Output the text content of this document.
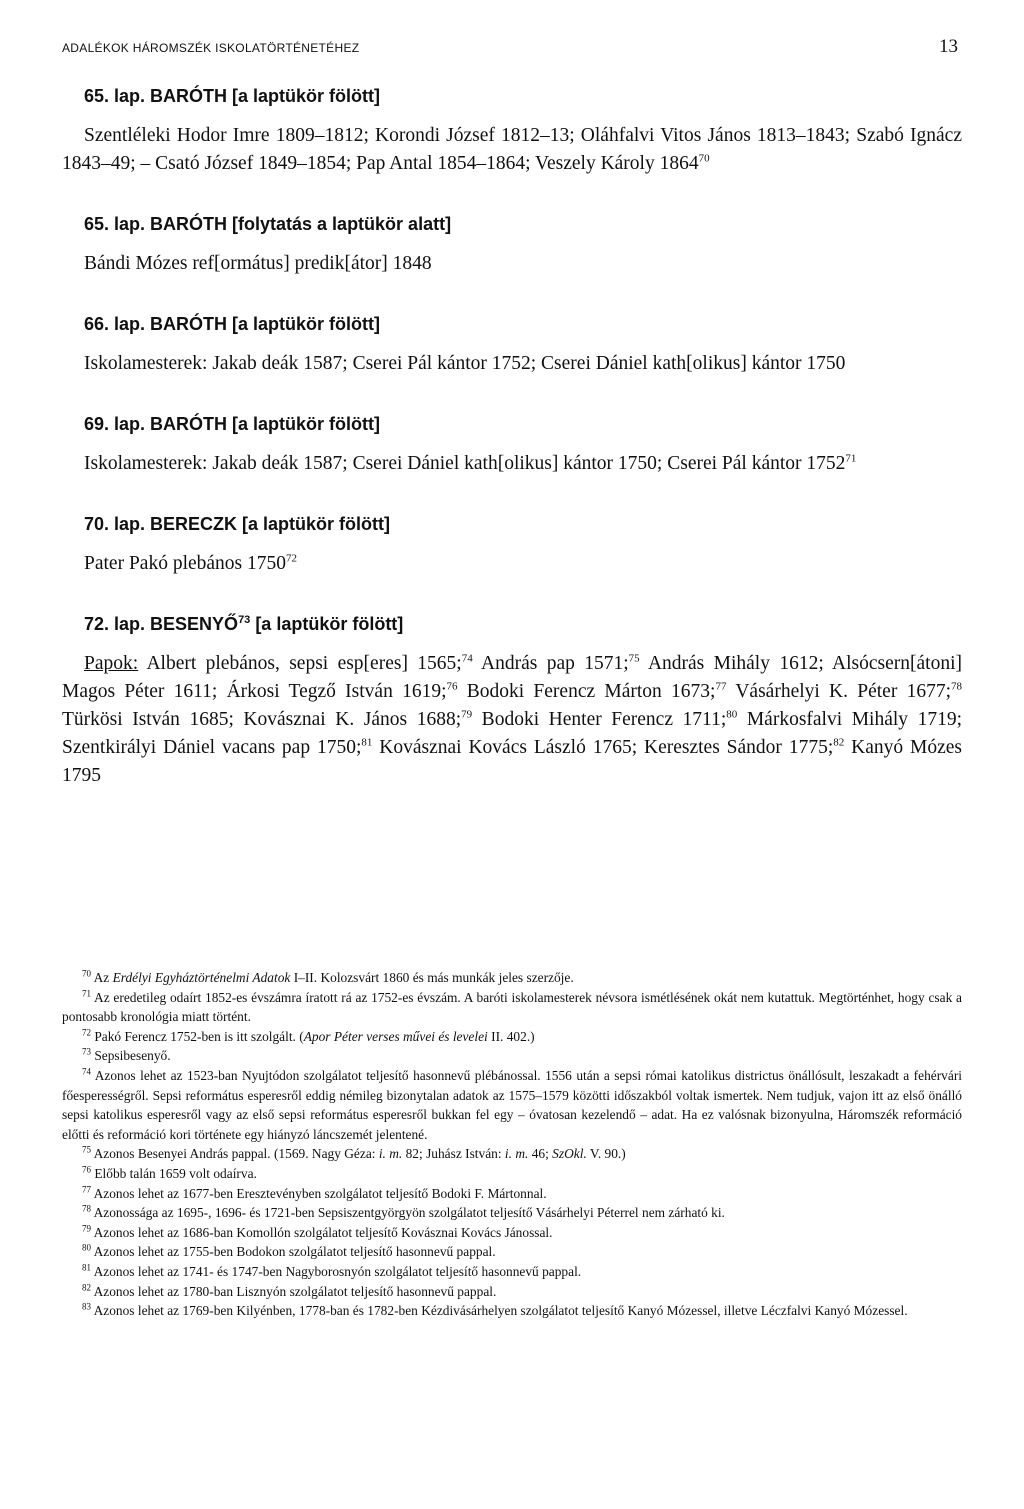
ADALÉKOK HÁROMSZÉK ISKOLATÖRTÉNETÉHEZ	13

65. lap. BARÓTH [a laptükör fölött]

Szentléleki Hodor Imre 1809–1812; Korondi József 1812–13; Oláhfalvi Vitos János 1813–1843; Szabó Ignácz 1843–49; – Csató József 1849–1854; Pap Antal 1854–1864; Veszely Károly 1864$^{70}$

65. lap. BARÓTH [folytatás a laptükör alatt]

Bándi Mózes ref[ormátus] predik[átor] 1848

66. lap. BARÓTH [a laptükör fölött]

Iskolamesterek: Jakab deák 1587; Cserei Pál kántor 1752; Cserei Dániel kath[olikus] kántor 1750

69. lap. BARÓTH [a laptükör fölött]

Iskolamesterek: Jakab deák 1587; Cserei Dániel kath[olikus] kántor 1750; Cserei Pál kántor 1752$^{71}$

70. lap. BERECZK [a laptükör fölött]

Pater Pakó plebános 1750$^{72}$

72. lap. BESENYŐ$^{73}$ [a laptükör fölött]

Papok: Albert plebános, sepsi esp[eres] 1565;$^{74}$ András pap 1571;$^{75}$ András Mihály 1612; Alsócsern[átoni] Magos Péter 1611; Árkosi Tegző István 1619;$^{76}$ Bodoki Ferencz Márton 1673;$^{77}$ Vásárhelyi K. Péter 1677;$^{78}$ Türkösi István 1685; Kovásznai K. János 1688;$^{79}$ Bodoki Henter Ferencz 1711;$^{80}$ Márkosfalvi Mihály 1719; Szentkirályi Dániel vacans pap 1750;$^{81}$ Kovásznai Kovács László 1765; Keresztes Sándor 1775;$^{82}$ Kanyó Mózes 1795

$^{70}$ Az Erdélyi Egyháztörténelmi Adatok I–II. Kolozsvárt 1860 és más munkák jeles szerzője.

$^{71}$ Az eredetileg odaírt 1852-es évszámra íratott rá az 1752-es évszám. A baróti iskolamesterek névsora ismétlésének okát nem kutattuk. Megtörténhet, hogy csak a pontosabb kronológia miatt történt.

$^{72}$ Pakó Ferencz 1752-ben is itt szolgált. (Apor Péter verses művei és levelei II. 402.)

$^{73}$ Sepsibesenyő.

$^{74}$ Azonos lehet az 1523-ban Nyujtódon szolgálatot teljesítő hasonnevű plébánossal. 1556 után a sepsi római katolikus districtus önállósult, leszakadt a fehérvári főesperességről. Sepsi református esperesről eddig némileg bizonytalan adatok az 1575–1579 közötti időszakból voltak ismertek. Nem tudjuk, vajon itt az első önálló sepsi katolikus esperesről vagy az első sepsi református esperesről bukkan fel egy – óvatosan kezelendő – adat. Ha ez valósnak bizonyulna, Háromszék reformáció előtti és reformáció kori története egy hiányzó láncszemét jelentené.

$^{75}$ Azonos Besenyei András pappal. (1569. Nagy Géza: i. m. 82; Juhász István: i. m. 46; SzOkl. V. 90.)

$^{76}$ Előbb talán 1659 volt odaírva.

$^{77}$ Azonos lehet az 1677-ben Eresztevényben szolgálatot teljesítő Bodoki F. Mártonnal.

$^{78}$ Azonossága az 1695-, 1696- és 1721-ben Sepsiszentgyörgyön szolgálatot teljesítő Vásárhelyi Péterrel nem zárható ki.

$^{79}$ Azonos lehet az 1686-ban Komollón szolgálatot teljesítő Kovásznai Kovács Jánossal.

$^{80}$ Azonos lehet az 1755-ben Bodokon szolgálatot teljesítő hasonnevű pappal.

$^{81}$ Azonos lehet az 1741- és 1747-ben Nagyborosnyón szolgálatot teljesítő hasonnevű pappal.

$^{82}$ Azonos lehet az 1780-ban Lisznyón szolgálatot teljesítő hasonnevű pappal.

$^{83}$ Azonos lehet az 1769-ben Kilyénben, 1778-ban és 1782-ben Kézdivásárhelyen szolgálatot teljesítő Kanyó Mózessel, illetve Léczfalvi Kanyó Mózessel.
